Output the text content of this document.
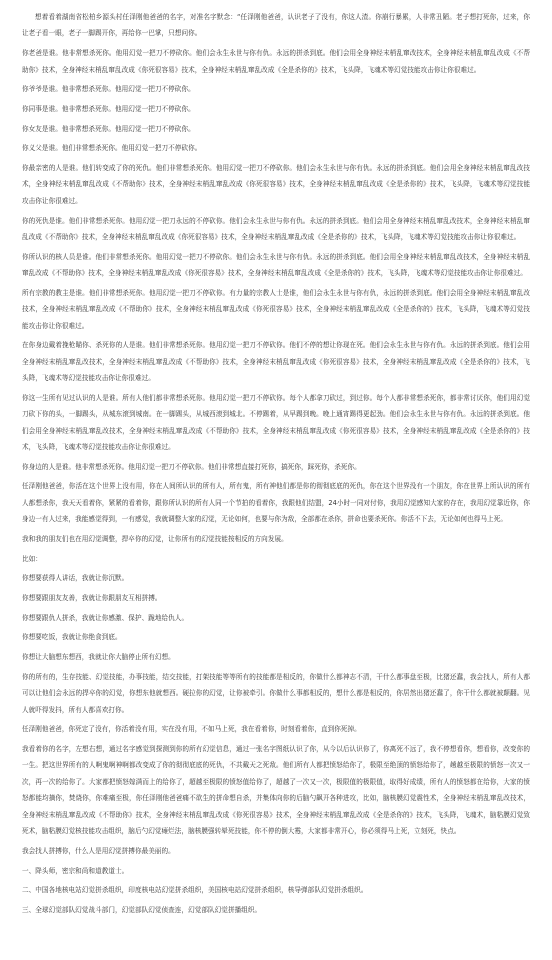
想着看着湖南省松柏乡源头村任泽刚他爸爸的名字，对准名字默念：“任泽刚他爸爸，认识老子了没有，你这人渣。你崩行暴累，人非常丑陋。老子想打死你，过来，你让老子看一眼，老子一脚踢开你，再给你一巴掌，只想问你。

你老爸是谁。他非常想杀死你。他用幻觉一把刀不停砍你。他们会永生永世与你有仇。永远的拼杀到底。他们会用全身神经末梢乱窜改技术，全身神经末梢乱窜乱改成《不帮助你》技术，全身神经末梢乱窜乱改成《你死很容易》技术，全身神经末梢乱窜乱改成《全是杀你的》技术，飞头降，飞魂术等幻觉技能攻击你让你很难过。

你爷爷是谁。他非常想杀死你。他用幻觉一把刀不停砍你。

你同事是谁。他非常想杀死你。他用幻觉一把刀不停砍你。

你女友是谁。他非常想杀死你。他用幻觉一把刀不停砍你。

你义父是谁。他们非常想杀死你。他用幻觉一把刀不停砍你。

你最亲密的人是谁。他们转变成了你的死仇。他们非常想杀死你。他用幻觉一把刀不停砍你。他们会永生永世与你有仇。永远的拼杀到底。他们会用全身神经末梢乱窜乱改技术，全身神经末梢乱窜乱改成《不帮助你》技术，全身神经末梢乱窜乱改成《你死很容易》技术，全身神经末梢乱窜乱改成《全是杀你的》技术，飞头降，飞魂术等幻觉技能攻击你让你很难过。

你的死仇是谁。他们非常想杀死你。他用幻觉一把刀永远的不停砍你。他们会永生永世与你有仇。永远的拼杀到底。他们会用全身神经末梢乱窜乱改技术，全身神经末梢乱窜乱改成《不帮助你》技术，全身神经末梢乱窜乱改成《你死很容易》技术，全身神经末梢乱窜乱改成《全是杀你的》技术，飞头降，飞魂术等幻觉技能攻击你让你很难过。

你所认识的核人员是谁。他们非常想杀死你。他用幻觉一把刀不停砍你。他们会永生永世与你有仇。永远的拼杀到底。他们会用全身神经末梢乱窜乱改技术，全身神经末梢乱窜乱改成《不帮助你》技术，全身神经末梢乱窜乱改成《你死很容易》技术，全身神经末梢乱窜乱改成《全是杀你的》技术，飞头降，飞魂术等幻觉技能攻击你让你很难过。

所有宗教的教主是谁。他们非常想杀死你。他用幻觉一把刀不停砍你。有力量的宗教人士是谁，他们会永生永世与你有仇，永远的拼杀到底。他们会用全身神经末梢乱窜乱改技术，全身神经末梢乱窜乱改成《不帮助你》技术，全身神经末梢乱窜乱改成《你死很容易》技术，全身神经末梢乱窜乱改成《全是杀你的》技术，飞头降，飞魂术等幻觉技能攻击你让你很难过。

在你身边戴着挽枪瞄你、杀死你的人是谁。他们非常想杀死你。他用幻觉一把刀不停砍你。他们不停的想让你现在死。他们会永生永世与你有仇。永远的拼杀到底。他们会用全身神经末梢乱窜乱改技术，全身神经末梢乱窜乱改成《不帮助你》技术，全身神经末梢乱窜乱改成《你死很容易》技术，全身神经末梢乱窜乱改成《全是杀你的》技术，飞头降，飞魂术等幻觉技能攻击你让你很难过。

你这一生所有见过认识的人是谁。所有人他们都非常想杀死你。他用幻觉一把刀不停砍你。每个人都拿刀砍过，到过你。每个人都非常想杀死你，都非常讨厌你，他们用幻觉刀砍下你的头，一脚踢头，从城东滚到城南。在一脚踢头，从城西滚到城北。不停踢着，从早踢到晚。晚上通宵踢得更起劲。他们会永生永世与你有仇。永远的拼杀到底。他们会用全身神经末梢乱窜乱改技术，全身神经末梢乱窜乱改成《不帮助你》技术，全身神经末梢乱窜乱改成《你死很容易》技术，全身神经末梢乱窜乱改成《全是杀你的》技术，飞头降，飞魂术等幻觉技能攻击你让你很难过。

你身边的人是谁。他非常想杀死你。他用幻觉一把刀不停砍你。他们非常想直接打死你，搞死你，踩死你，杀死你。

任泽刚他爸爸，你活在这个世界上没有用，你在人间所认识的所有人，所有鬼，所有神他们都是你的彻彻底底的死仇，你在这个世界没有一个朋友，你在世界上所认识的所有人都想杀你，我天天看着你，紧紧的看着你，跟你所认识的所有人同一个节拍的看着你，我跟他们结盟，24小时一同对付你，我用幻觉感知大家的存在，我用幻觉靠近你，你身边一有人过来，我能感觉得到，一有感觉，我就调整大家的幻觉，无论如何，也要与你为敌，全部都在杀你，拼命也要杀死你。你活不下去，无论如何也得马上死。

我和我的朋友们也在用幻觉调整，捍卒你的幻觉，让你所有的幻觉技能按相反的方向发展。

比如：

你想要获得人讲话，我就让你沉默。

你想要跟朋友友善，我就让你跟朋友互相拼搏。

你想要跟仇人拼杀，我就让你感激、保护、跪地给仇人。

你想要吃饭，我就让你绝食到底。

你想让大脑想东想西，我就让你大脑停止所有幻想。

你的所有的，生存技能、幻觉技能，办事技能，结交技能，打架技能等等所有的技能都是相反的，你做什么都神志不清，干什么都事盘至极，比猪还蠢，我会找人，所有人都可以让他们会永远的捍卒你的幻觉，你想东他就想西。硬拉你的幻觉，让你被牵引。你做什么事都相反的，想什么都是相反的，你居然出猪还蠢了，你干什么都就被颠翻。见人就吓得发抖，所有人都喜欢打你。

任泽刚他爸爸，你死定了没有，你活着没有用，实在没有用，不如马上死，我在看着你，时刻看着你，直到你死掉。

我看着你的名字，左想右想，通过名字感觉到探测到你的所有幻觉信息，通过一张名字图纸认识了你，从今以后认识你了，你离死不远了，我不停想看你，想看你，改变你的一生。把这世界所有的人啊鬼啊神啊都改变成了你的彻彻底底的死仇，不共戴天之死敌。他们所有人都把愤怒给你了，极限至绝顶的愤怒给你了，趟越至极限的愤怒一次又一次，再一次的给你了。大家都把愤怒嫁满而上的给你了，超越至极限的愤怒值给你了，超越了一次又一次，极限值的极限值，取得好成绩，所有人的愤怒都在给你，大家的愤怒都能均摘你，焚烧你，你难痛至极，你任泽刚他爸爸痛不欲生的拼命想自杀，并集体向你的后脑勺飙开各种进攻，比如，脑核膜幻觉震性术，全身神经末梢乱窜乱改技术，全身神经末梢乱窜乱改成《不帮助你》技术，全身神经末梢乱窜乱改成《你死很容易》技术，全身神经末梢乱窜乱改成《全是杀你的》技术，飞头降，飞魂术，脑粘膜幻觉致死术，脑粘膜幻觉核技能攻击组织，脑后勺幻觉瘫烂法，脑核膜强转晕死技能，你不停的倒大霉，大家都非常开心，你必须得马上死，立刻死，快点。

我会找人拼搏你，什么人是用幻觉拼搏你最美丽的。

一、降头师，密宗和尚和道教道士。

二、中国各地核电站幻觉拼杀组织，印度核电站幻觉拼杀组织，美国核电站幻觉拼杀组织，核导弹部队幻觉拼杀组织。

三、全球幻觉部队幻觉战斗部门，幻觉部队幻觉侦查连，幻觉部队幻觉拼播组织。
